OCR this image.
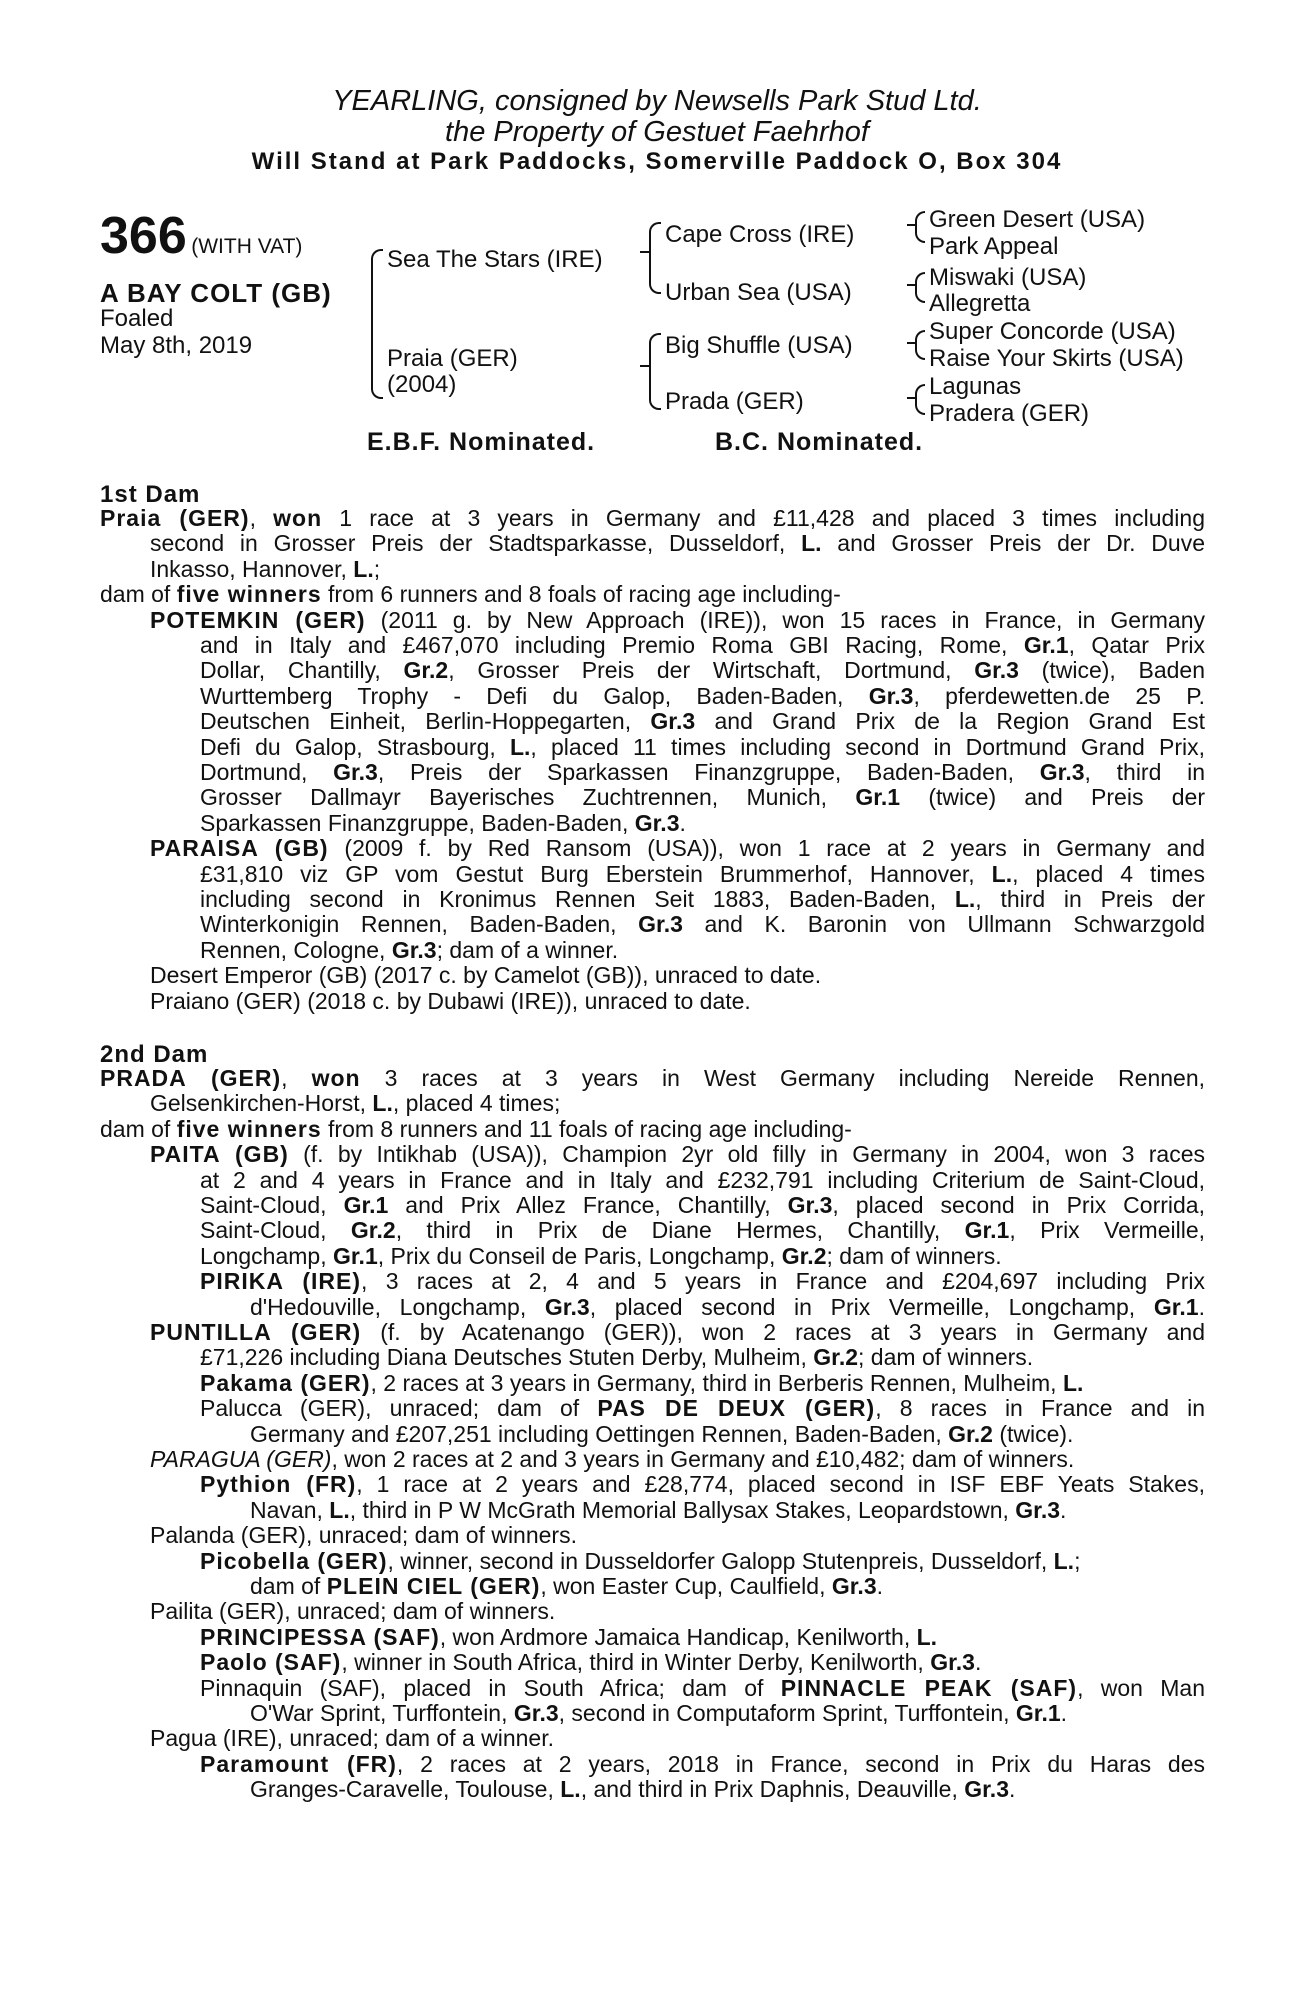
YEARLING, consigned by Newsells Park Stud Ltd.
the Property of Gestuet Faehrhof
Will Stand at Park Paddocks, Somerville Paddock O, Box 304
366 (WITH VAT)
A BAY COLT (GB)
Foaled
May 8th, 2019
Sea The Stars (IRE)
Praia (GER)
(2004)
Cape Cross (IRE)
Urban Sea (USA)
Big Shuffle (USA)
Prada (GER)
Green Desert (USA)
Park Appeal
Miswaki (USA)
Allegretta
Super Concorde (USA)
Raise Your Skirts (USA)
Lagunas
Pradera (GER)
E.B.F. Nominated.	B.C. Nominated.
1st Dam
Praia (GER), won 1 race at 3 years in Germany and £11,428 and placed 3 times including
second in Grosser Preis der Stadtsparkasse, Dusseldorf, L. and Grosser Preis der Dr. Duve
Inkasso, Hannover, L.;
dam of five winners from 6 runners and 8 foals of racing age including-
POTEMKIN (GER) (2011 g. by New Approach (IRE)), won 15 races in France, in Germany
and in Italy and £467,070 including Premio Roma GBI Racing, Rome, Gr.1, Qatar Prix
Dollar, Chantilly, Gr.2, Grosser Preis der Wirtschaft, Dortmund, Gr.3 (twice), Baden
Wurttemberg Trophy - Defi du Galop, Baden-Baden, Gr.3, pferdewetten.de 25 P.
Deutschen Einheit, Berlin-Hoppegarten, Gr.3 and Grand Prix de la Region Grand Est
Defi du Galop, Strasbourg, L., placed 11 times including second in Dortmund Grand Prix,
Dortmund, Gr.3, Preis der Sparkassen Finanzgruppe, Baden-Baden, Gr.3, third in
Grosser Dallmayr Bayerisches Zuchtrennen, Munich, Gr.1 (twice) and Preis der
Sparkassen Finanzgruppe, Baden-Baden, Gr.3.
PARAISA (GB) (2009 f. by Red Ransom (USA)), won 1 race at 2 years in Germany and
£31,810 viz GP vom Gestut Burg Eberstein Brummerhof, Hannover, L., placed 4 times
including second in Kronimus Rennen Seit 1883, Baden-Baden, L., third in Preis der
Winterkonigin Rennen, Baden-Baden, Gr.3 and K. Baronin von Ullmann Schwarzgold
Rennen, Cologne, Gr.3; dam of a winner.
Desert Emperor (GB) (2017 c. by Camelot (GB)), unraced to date.
Praiano (GER) (2018 c. by Dubawi (IRE)), unraced to date.
2nd Dam
PRADA (GER), won 3 races at 3 years in West Germany including Nereide Rennen,
Gelsenkirchen-Horst, L., placed 4 times;
dam of five winners from 8 runners and 11 foals of racing age including-
PAITA (GB) (f. by Intikhab (USA)), Champion 2yr old filly in Germany in 2004, won 3 races
at 2 and 4 years in France and in Italy and £232,791 including Criterium de Saint-Cloud,
Saint-Cloud, Gr.1 and Prix Allez France, Chantilly, Gr.3, placed second in Prix Corrida,
Saint-Cloud, Gr.2, third in Prix de Diane Hermes, Chantilly, Gr.1, Prix Vermeille,
Longchamp, Gr.1, Prix du Conseil de Paris, Longchamp, Gr.2; dam of winners.
PIRIKA (IRE), 3 races at 2, 4 and 5 years in France and £204,697 including Prix
d'Hedouville, Longchamp, Gr.3, placed second in Prix Vermeille, Longchamp, Gr.1.
PUNTILLA (GER) (f. by Acatenango (GER)), won 2 races at 3 years in Germany and
£71,226 including Diana Deutsches Stuten Derby, Mulheim, Gr.2; dam of winners.
Pakama (GER), 2 races at 3 years in Germany, third in Berberis Rennen, Mulheim, L.
Palucca (GER), unraced; dam of PAS DE DEUX (GER), 8 races in France and in
Germany and £207,251 including Oettingen Rennen, Baden-Baden, Gr.2 (twice).
PARAGUA (GER), won 2 races at 2 and 3 years in Germany and £10,482; dam of winners.
Pythion (FR), 1 race at 2 years and £28,774, placed second in ISF EBF Yeats Stakes,
Navan, L., third in P W McGrath Memorial Ballysax Stakes, Leopardstown, Gr.3.
Palanda (GER), unraced; dam of winners.
Picobella (GER), winner, second in Dusseldorfer Galopp Stutenpreis, Dusseldorf, L.;
dam of PLEIN CIEL (GER), won Easter Cup, Caulfield, Gr.3.
Pailita (GER), unraced; dam of winners.
PRINCIPESSA (SAF), won Ardmore Jamaica Handicap, Kenilworth, L.
Paolo (SAF), winner in South Africa, third in Winter Derby, Kenilworth, Gr.3.
Pinnaquin (SAF), placed in South Africa; dam of PINNACLE PEAK (SAF), won Man
O'War Sprint, Turffontein, Gr.3, second in Computaform Sprint, Turffontein, Gr.1.
Pagua (IRE), unraced; dam of a winner.
Paramount (FR), 2 races at 2 years, 2018 in France, second in Prix du Haras des
Granges-Caravelle, Toulouse, L., and third in Prix Daphnis, Deauville, Gr.3.
